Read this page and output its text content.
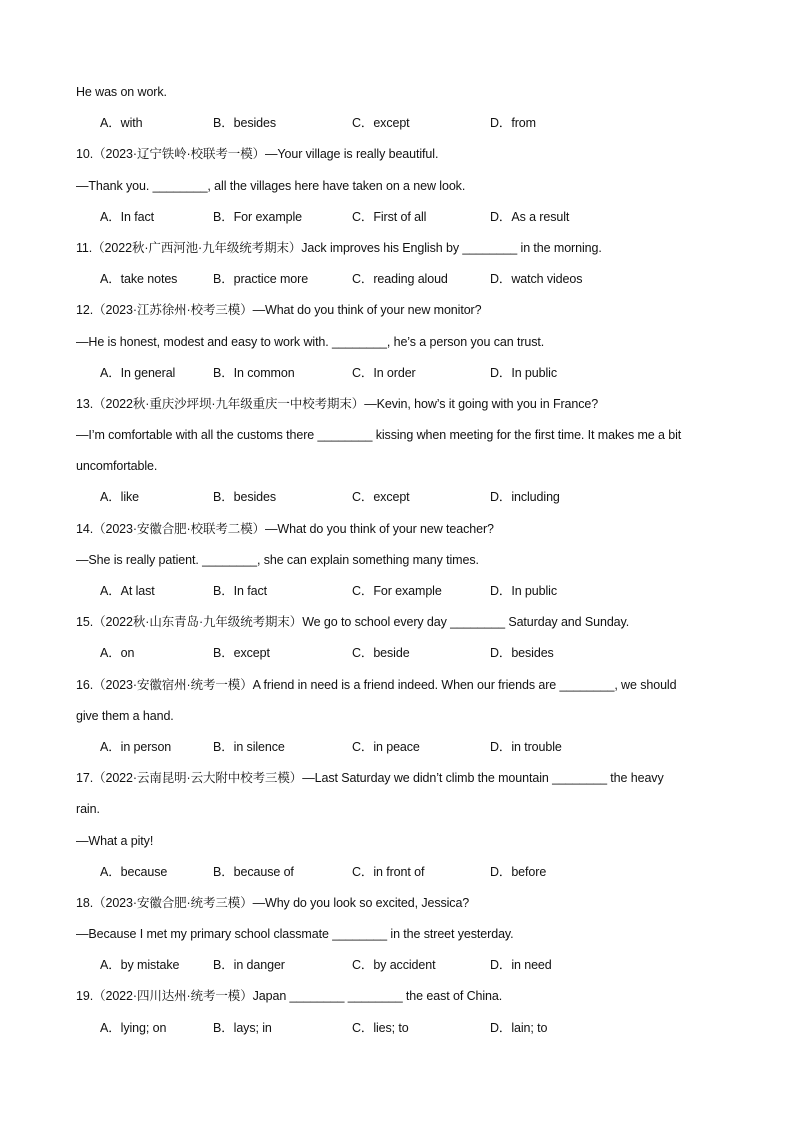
He was on work.
A．with	B．besides	C．except	D．from
10.（2023·辽宁铁岭·校联考一模）—Your village is really beautiful.
—Thank you. ________, all the villages here have taken on a new look.
A．In fact	B．For example	C．First of all	D．As a result
11.（2022秋·广西河池·九年级统考期末）Jack improves his English by ________ in the morning.
A．take notes	B．practice more	C．reading aloud	D．watch videos
12.（2023·江苏徐州·校考三模）—What do you think of your new monitor?
—He is honest, modest and easy to work with. ________, he’s a person you can trust.
A．In general	B．In common	C．In order	D．In public
13.（2022秋·重庆沙坪坝·九年级重庆一中校考期末）—Kevin, how’s it going with you in France?
—I’m comfortable with all the customs there ________ kissing when meeting for the first time. It makes me a bit
uncomfortable.
A．like	B．besides	C．except	D．including
14.（2023·安徽合肥·校联考二模）—What do you think of your new teacher?
—She is really patient. ________, she can explain something many times.
A．At last	B．In fact	C．For example	D．In public
15.（2022秋·山东青岛·九年级统考期末）We go to school every day ________ Saturday and Sunday.
A．on	B．except	C．beside	D．besides
16.（2023·安徽宿州·统考一模）A friend in need is a friend indeed. When our friends are ________, we should
give them a hand.
A．in person	B．in silence	C．in peace	D．in trouble
17.（2022·云南昆明·云大附中校考三模）—Last Saturday we didn’t climb the mountain ________ the heavy
rain.
—What a pity!
A．because	B．because of	C．in front of	D．before
18.（2023·安徽合肥·统考三模）—Why do you look so excited, Jessica?
—Because I met my primary school classmate ________ in the street yesterday.
A．by mistake	B．in danger	C．by accident	D．in need
19.（2022·四川达州·统考一模）Japan ________ ________ the east of China.
A．lying; on	B．lays; in	C．lies; to	D．lain; to
